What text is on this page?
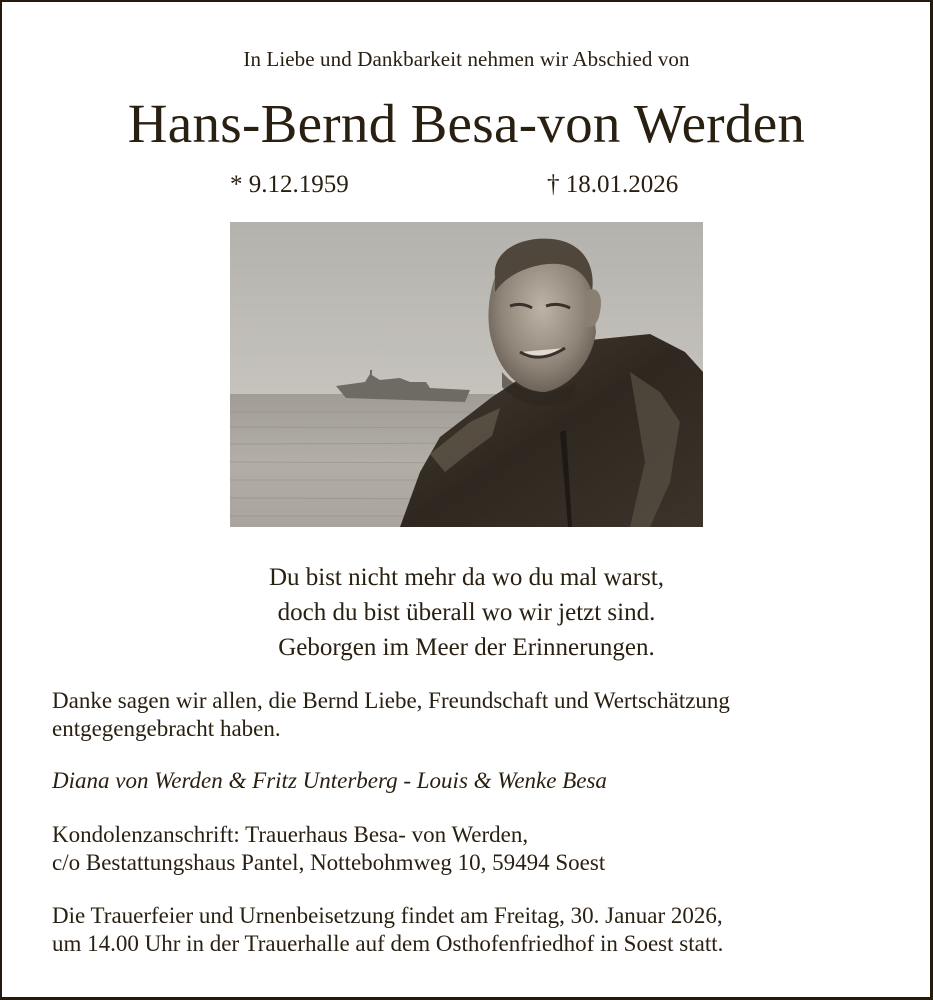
In Liebe und Dankbarkeit nehmen wir Abschied von
Hans-Bernd Besa-von Werden
* 9.12.1959	† 18.01.2026
Du bist nicht mehr da wo du mal warst,
doch du bist überall wo wir jetzt sind.
Geborgen im Meer der Erinnerungen.
Danke sagen wir allen, die Bernd Liebe, Freundschaft und Wertschätzung
entgegengebracht haben.
Diana von Werden & Fritz Unterberg - Louis & Wenke Besa
Kondolenzanschrift: Trauerhaus Besa- von Werden,
c/o Bestattungshaus Pantel, Nottebohmweg 10, 59494 Soest
Die Trauerfeier und Urnenbeisetzung findet am Freitag, 30. Januar 2026,
um 14.00 Uhr in der Trauerhalle auf dem Osthofenfriedhof in Soest statt.
